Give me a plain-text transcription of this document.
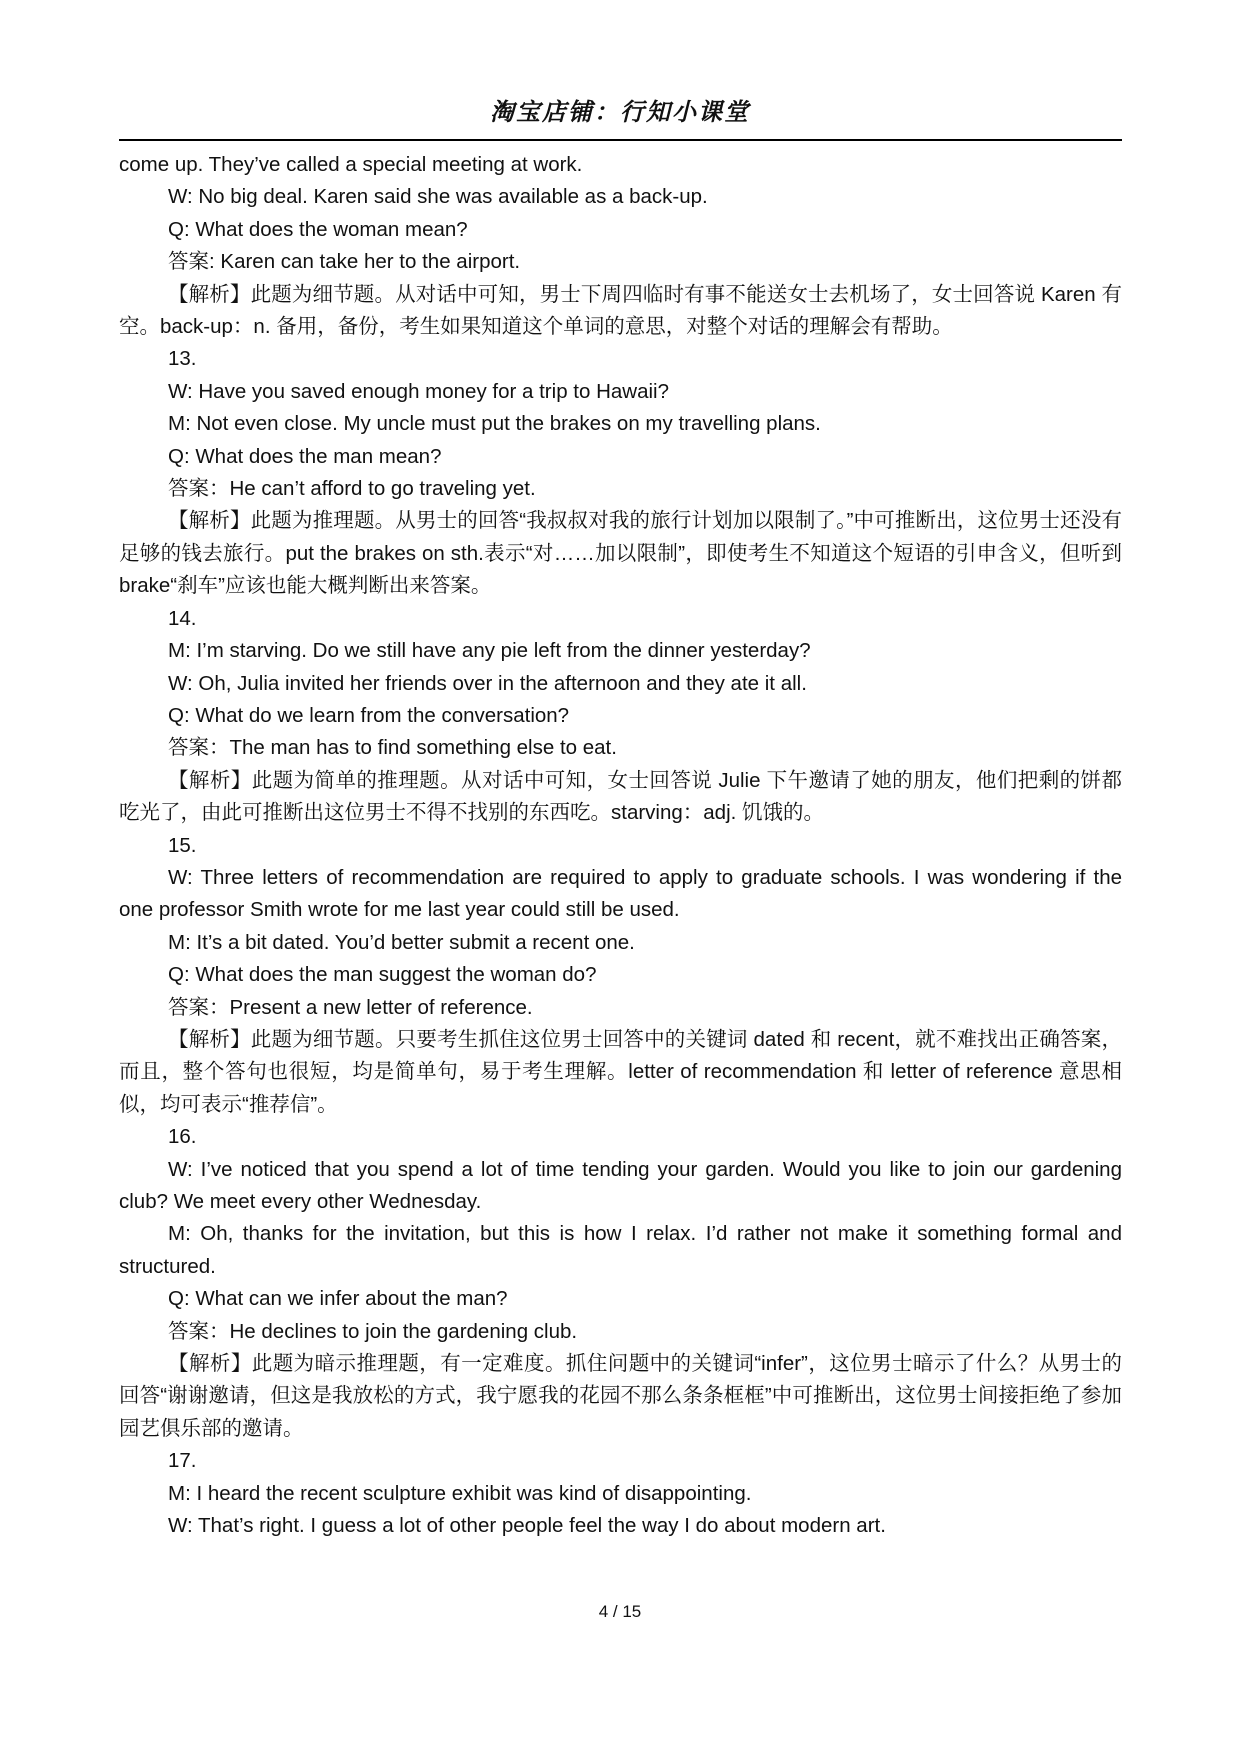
淘宝店铺：行知小课堂

come up. They’ve called a special meeting at work.

W: No big deal. Karen said she was available as a back-up.

Q: What does the woman mean?

答案: Karen can take her to the airport.

【解析】此题为细节题。从对话中可知，男士下周四临时有事不能送女士去机场了，女士回答说 Karen 有空。back-up：n. 备用，备份，考生如果知道这个单词的意思，对整个对话的理解会有帮助。

13.

W: Have you saved enough money for a trip to Hawaii?

M: Not even close. My uncle must put the brakes on my travelling plans.

Q: What does the man mean?

答案：He can’t afford to go traveling yet.

【解析】此题为推理题。从男士的回答“我叔叔对我的旅行计划加以限制了。”中可推断出，这位男士还没有足够的钱去旅行。put the brakes on sth.表示“对……加以限制”，即使考生不知道这个短语的引申含义，但听到 brake“刹车”应该也能大概判断出来答案。

14.

M: I’m starving. Do we still have any pie left from the dinner yesterday?

W: Oh, Julia invited her friends over in the afternoon and they ate it all.

Q: What do we learn from the conversation?

答案：The man has to find something else to eat.

【解析】此题为简单的推理题。从对话中可知，女士回答说 Julie 下午邀请了她的朋友，他们把剩的饼都吃光了，由此可推断出这位男士不得不找别的东西吃。starving：adj. 饥饿的。

15.

W: Three letters of recommendation are required to apply to graduate schools. I was wondering if the one professor Smith wrote for me last year could still be used.

M: It’s a bit dated. You’d better submit a recent one.

Q: What does the man suggest the woman do?

答案：Present a new letter of reference.

【解析】此题为细节题。只要考生抓住这位男士回答中的关键词 dated 和 recent，就不难找出正确答案，而且，整个答句也很短，均是简单句，易于考生理解。letter of recommendation 和 letter of reference 意思相似，均可表示“推荐信”。

16.

W: I’ve noticed that you spend a lot of time tending your garden. Would you like to join our gardening club? We meet every other Wednesday.

M: Oh, thanks for the invitation, but this is how I relax. I’d rather not make it something formal and structured.

Q: What can we infer about the man?

答案：He declines to join the gardening club.

【解析】此题为暗示推理题，有一定难度。抓住问题中的关键词“infer”，这位男士暗示了什么？从男士的回答“谢谢邀请，但这是我放松的方式，我宁愿我的花园不那么条条框框”中可推断出，这位男士间接拒绝了参加园艺俱乐部的邀请。

17.

M: I heard the recent sculpture exhibit was kind of disappointing.

W: That’s right. I guess a lot of other people feel the way I do about modern art.

4 / 15
